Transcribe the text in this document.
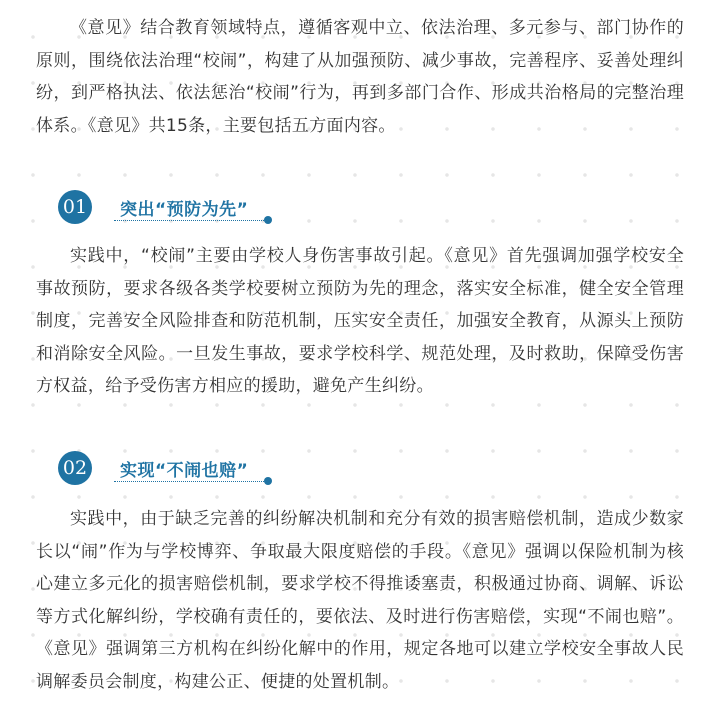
《意见》结合教育领域特点，遵循客观中立、依法治理、多元参与、部门协作的原则，围绕依法治理“校闹”，构建了从加强预防、减少事故，完善程序、妥善处理纠纷，到严格执法、依法惩治“校闹”行为，再到多部门合作、形成共治格局的完整治理体系。《意见》共15条，主要包括五方面内容。

01 突出“预防为先”

实践中，“校闹”主要由学校人身伤害事故引起。《意见》首先强调加强学校安全事故预防，要求各级各类学校要树立预防为先的理念，落实安全标准，健全安全管理制度，完善安全风险排查和防范机制，压实安全责任，加强安全教育，从源头上预防和消除安全风险。一旦发生事故，要求学校科学、规范处理，及时救助，保障受伤害方权益，给予受伤害方相应的援助，避免产生纠纷。

02 实现“不闹也赔”

实践中，由于缺乏完善的纠纷解决机制和充分有效的损害赔偿机制，造成少数家长以“闹”作为与学校博弈、争取最大限度赔偿的手段。《意见》强调以保险机制为核心建立多元化的损害赔偿机制，要求学校不得推诿塞责，积极通过协商、调解、诉讼等方式化解纠纷，学校确有责任的，要依法、及时进行伤害赔偿，实现“不闹也赔”。《意见》强调第三方机构在纠纷化解中的作用，规定各地可以建立学校安全事故人民调解委员会制度，构建公正、便捷的处置机制。
